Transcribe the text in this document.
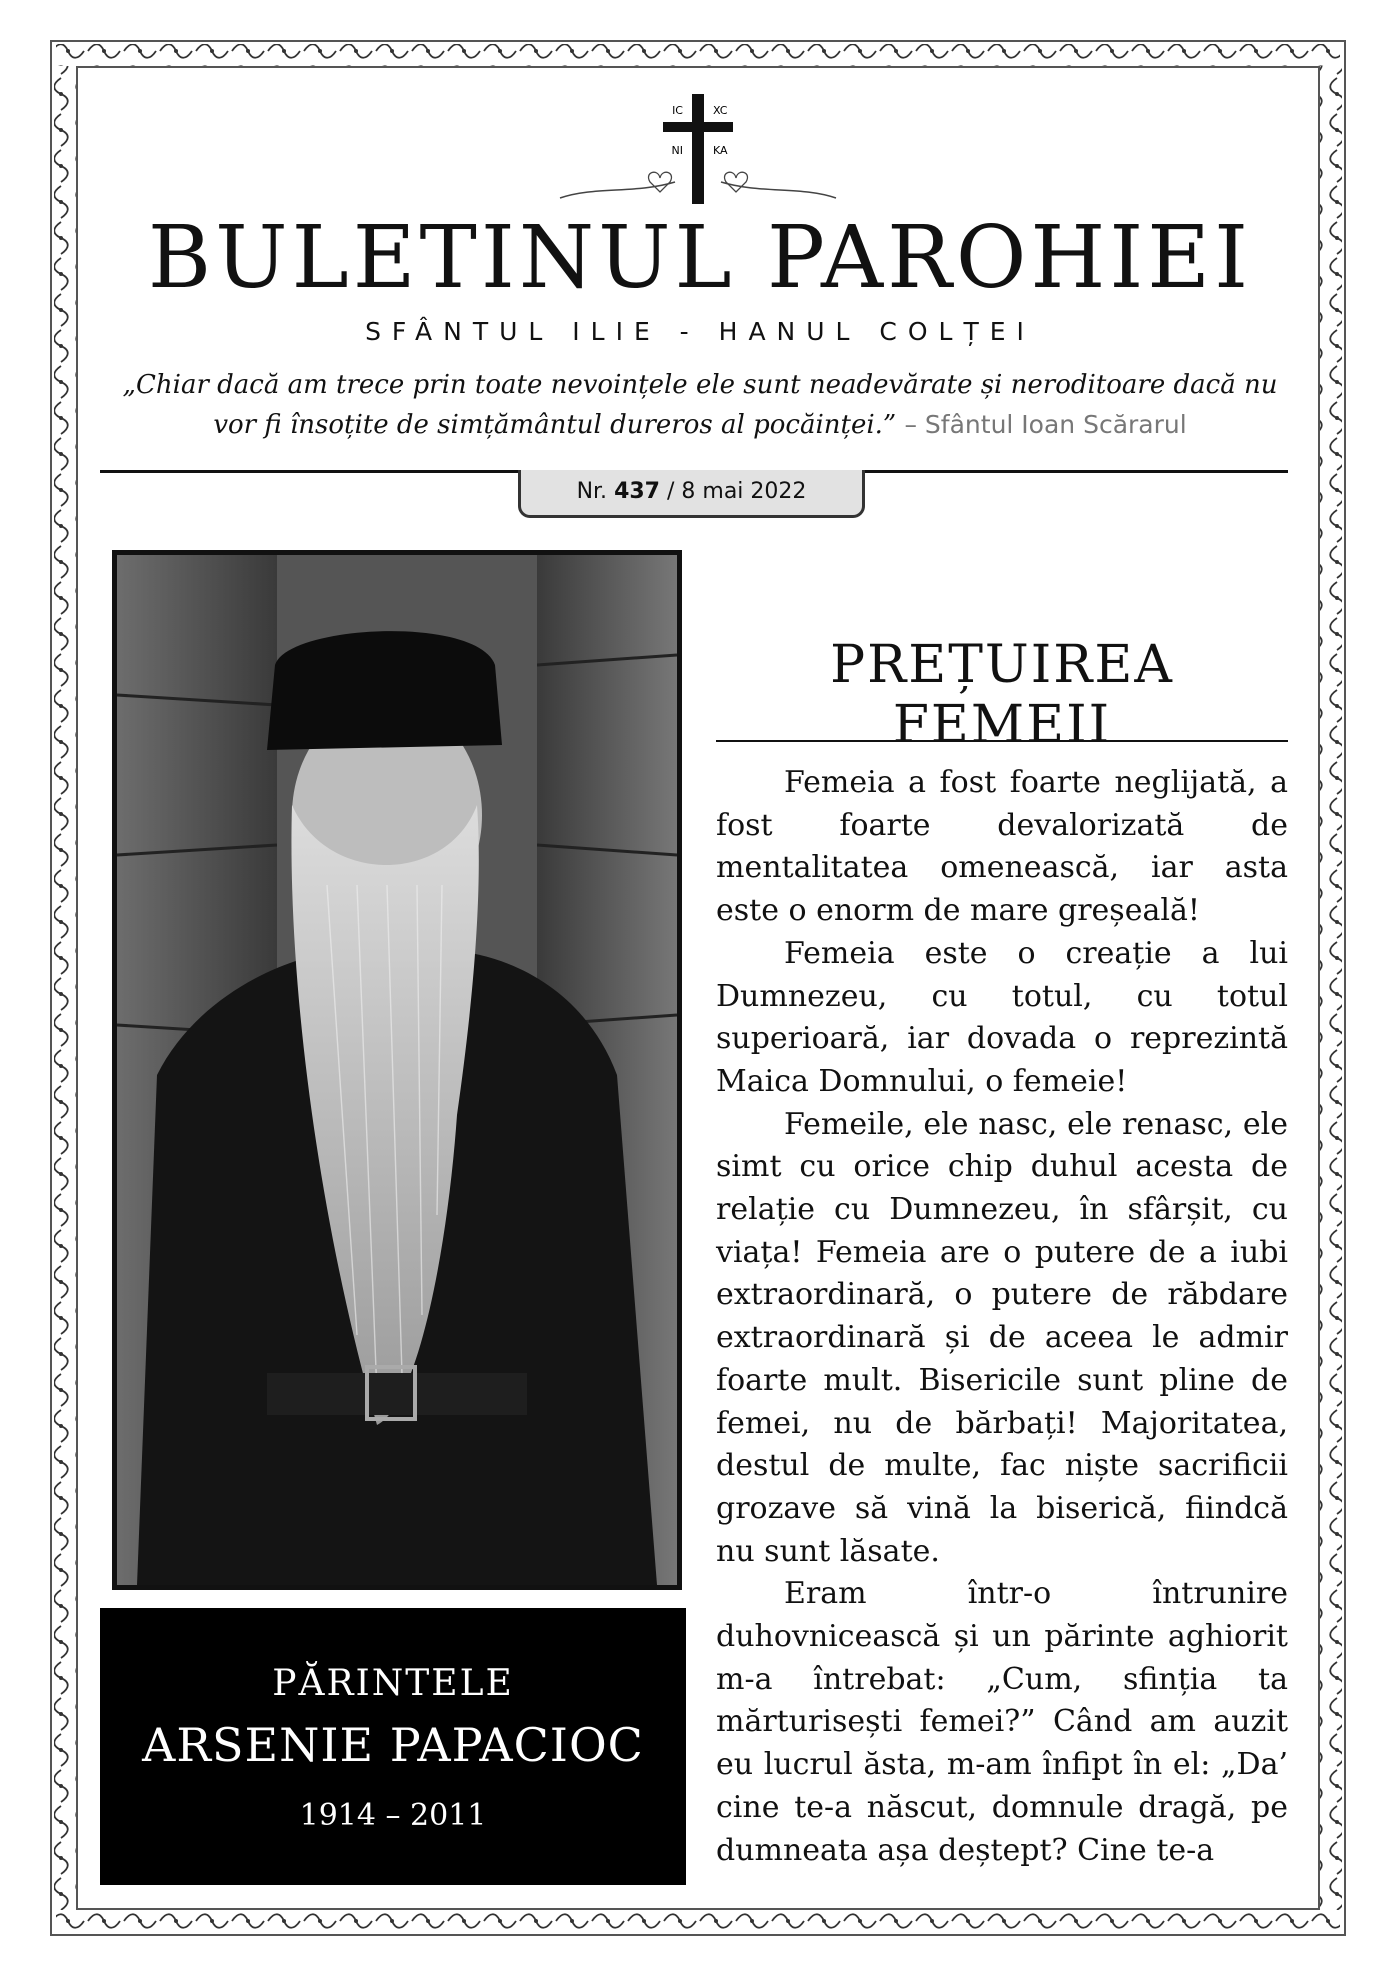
IC	XC
NI	KA
BULETINUL PAROHIEI
SFÂNTUL ILIE - HANUL COLȚEI
„Chiar dacă am trece prin toate nevoințele ele sunt neadevărate și neroditoare dacă nu vor fi însoțite de simțământul dureros al pocăinței.” – Sfântul Ioan Scărarul
Nr. 437 / 8 mai 2022
PĂRINTELE
ARSENIE PAPACIOC
1914 – 2011
PREȚUIREA FEMEII

Femeia a fost foarte neglijată, a fost foarte devalorizată de mentalitatea omenească, iar asta este o enorm de mare greșeală!

Femeia este o creație a lui Dumnezeu, cu totul, cu totul superioară, iar dovada o reprezintă Maica Domnului, o femeie!

Femeile, ele nasc, ele renasc, ele simt cu orice chip duhul acesta de relație cu Dumnezeu, în sfârșit, cu viața! Femeia are o putere de a iubi extraordinară, o putere de răbdare extraordinară și de aceea le admir foarte mult. Bisericile sunt pline de femei, nu de bărbați! Majoritatea, destul de multe, fac niște sacrificii grozave să vină la biserică, fiindcă nu sunt lăsate.

Eram într-o întrunire duhovnicească și un părinte aghiorit m-a întrebat: „Cum, sfinția ta mărturisești femei?” Când am auzit eu lucrul ăsta, m-am înfipt în el: „Da’ cine te-a născut, domnule dragă, pe dumneata așa deștept? Cine te-a
